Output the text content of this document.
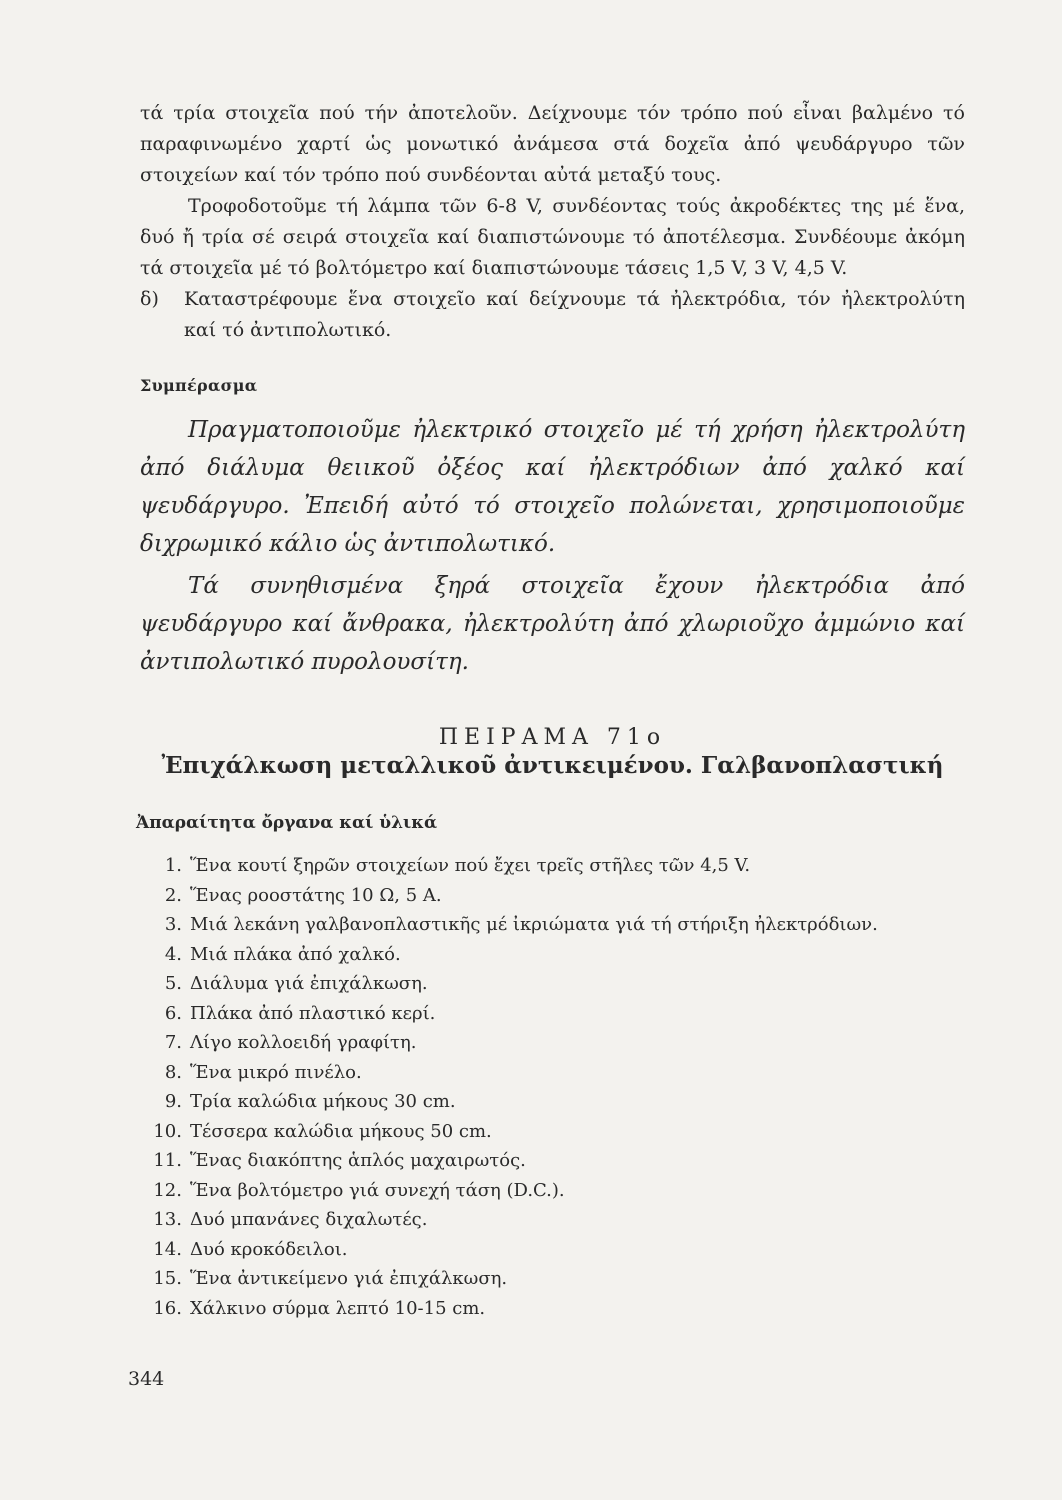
τά τρία στοιχεῖα πού τήν ἀποτελοῦν. Δείχνουμε τόν τρόπο πού εἶναι βαλμένο τό παραφινωμένο χαρτί ὡς μονωτικό ἀνάμεσα στά δοχεῖα ἀπό ψευδάργυρο τῶν στοιχείων καί τόν τρόπο πού συνδέονται αὐτά μεταξύ τους.

Τροφοδοτοῦμε τή λάμπα τῶν 6-8 V, συνδέοντας τούς ἀκροδέκτες της μέ ἕνα, δυό ἤ τρία σέ σειρά στοιχεῖα καί διαπιστώνουμε τό ἀποτέλεσμα. Συνδέουμε ἀκόμη τά στοιχεῖα μέ τό βολτόμετρο καί διαπιστώνουμε τάσεις 1,5 V, 3 V, 4,5 V.

δ)	Καταστρέφουμε ἕνα στοιχεῖο καί δείχνουμε τά ἠλεκτρόδια, τόν ἠλεκτρολύτη καί τό ἀντιπολωτικό.
Συμπέρασμα

Πραγματοποιοῦμε ἠλεκτρικό στοιχεῖο μέ τή χρήση ἠλεκτρολύτη ἀπό διάλυμα θειικοῦ ὀξέος καί ἠλεκτρόδιων ἀπό χαλκό καί ψευδάργυρο. Ἐπειδή αὐτό τό στοιχεῖο πολώνεται, χρησιμοποιοῦμε διχρωμικό κάλιο ὡς ἀντιπολωτικό.

Τά συνηθισμένα ξηρά στοιχεῖα ἔχουν ἠλεκτρόδια ἀπό ψευδάργυρο καί ἄνθρακα, ἠλεκτρολύτη ἀπό χλωριοῦχο ἀμμώνιο καί ἀντιπολωτικό πυρολουσίτη.

ΠΕΙΡΑΜΑ 71ο
Ἐπιχάλκωση μεταλλικοῦ ἀντικειμένου. Γαλβανοπλαστική
Ἀπαραίτητα ὄργανα καί ὑλικά
1. Ἕνα κουτί ξηρῶν στοιχείων πού ἔχει τρεῖς στῆλες τῶν 4,5 V.
2. Ἕνας ροοστάτης 10 Ω, 5 A.
3. Μιά λεκάνη γαλβανοπλαστικῆς μέ ἰκριώματα γιά τή στήριξη ἠλεκτρόδιων.
4. Μιά πλάκα ἀπό χαλκό.
5. Διάλυμα γιά ἐπιχάλκωση.
6. Πλάκα ἀπό πλαστικό κερί.
7. Λίγο κολλοειδή γραφίτη.
8. Ἕνα μικρό πινέλο.
9. Τρία καλώδια μήκους 30 cm.
10. Τέσσερα καλώδια μήκους 50 cm.
11. Ἕνας διακόπτης ἁπλός μαχαιρωτός.
12. Ἕνα βολτόμετρο γιά συνεχή τάση (D.C.).
13. Δυό μπανάνες διχαλωτές.
14. Δυό κροκόδειλοι.
15. Ἕνα ἀντικείμενο γιά ἐπιχάλκωση.
16. Χάλκινο σύρμα λεπτό 10-15 cm.
344
